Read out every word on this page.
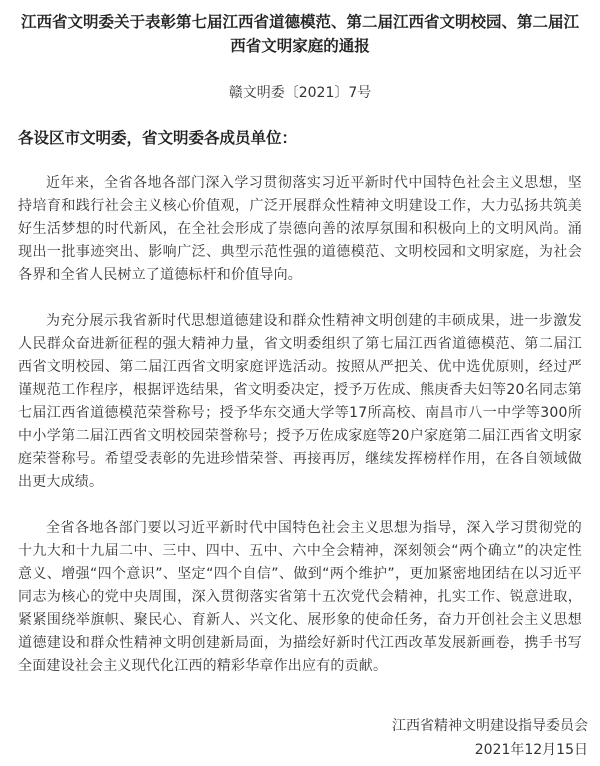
江西省文明委关于表彰第七届江西省道德模范、第二届江西省文明校园、第二届江西省文明家庭的通报
赣文明委〔2021〕7号
各设区市文明委，省文明委各成员单位：

近年来，全省各地各部门深入学习贯彻落实习近平新时代中国特色社会主义思想，坚持培育和践行社会主义核心价值观，广泛开展群众性精神文明建设工作，大力弘扬共筑美好生活梦想的时代新风，在全社会形成了崇德向善的浓厚氛围和积极向上的文明风尚。涌现出一批事迹突出、影响广泛、典型示范性强的道德模范、文明校园和文明家庭，为社会各界和全省人民树立了道德标杆和价值导向。

为充分展示我省新时代思想道德建设和群众性精神文明创建的丰硕成果，进一步激发人民群众奋进新征程的强大精神力量，省文明委组织了第七届江西省道德模范、第二届江西省文明校园、第二届江西省文明家庭评选活动。按照从严把关、优中选优原则，经过严谨规范工作程序，根据评选结果，省文明委决定，授予万佐成、熊庚香夫妇等20名同志第七届江西省道德模范荣誉称号；授予华东交通大学等17所高校、南昌市八一中学等300所中小学第二届江西省文明校园荣誉称号；授予万佐成家庭等20户家庭第二届江西省文明家庭荣誉称号。希望受表彰的先进珍惜荣誉、再接再厉，继续发挥榜样作用，在各自领域做出更大成绩。

全省各地各部门要以习近平新时代中国特色社会主义思想为指导，深入学习贯彻党的十九大和十九届二中、三中、四中、五中、六中全会精神，深刻领会“两个确立”的决定性意义、增强“四个意识”、坚定“四个自信”、做到“两个维护”，更加紧密地团结在以习近平同志为核心的党中央周围，深入贯彻落实省第十五次党代会精神，扎实工作、锐意进取，紧紧围绕举旗帜、聚民心、育新人、兴文化、展形象的使命任务，奋力开创社会主义思想道德建设和群众性精神文明创建新局面，为描绘好新时代江西改革发展新画卷，携手书写全面建设社会主义现代化江西的精彩华章作出应有的贡献。

江西省精神文明建设指导委员会
2021年12月15日
